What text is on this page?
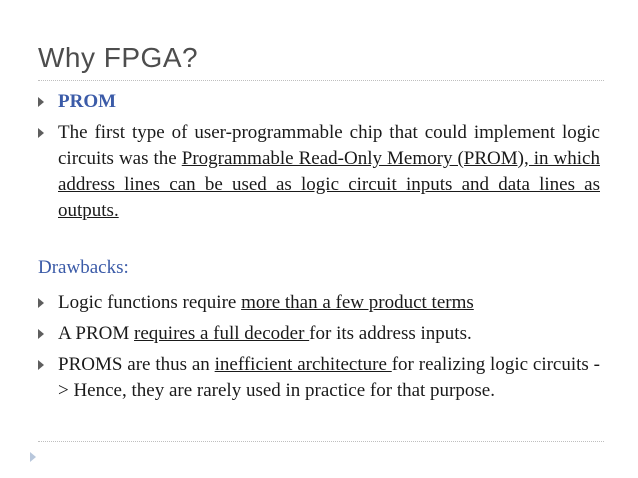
Why FPGA?
PROM
The first type of user-programmable chip that could implement logic circuits was the Programmable Read-Only Memory (PROM), in which address lines can be used as logic circuit inputs and data lines as outputs.
Drawbacks:
Logic functions require more than a few product terms
A PROM requires a full decoder for its address inputs.
PROMS are thus an inefficient architecture for realizing logic circuits -> Hence, they are rarely used in practice for that purpose.
